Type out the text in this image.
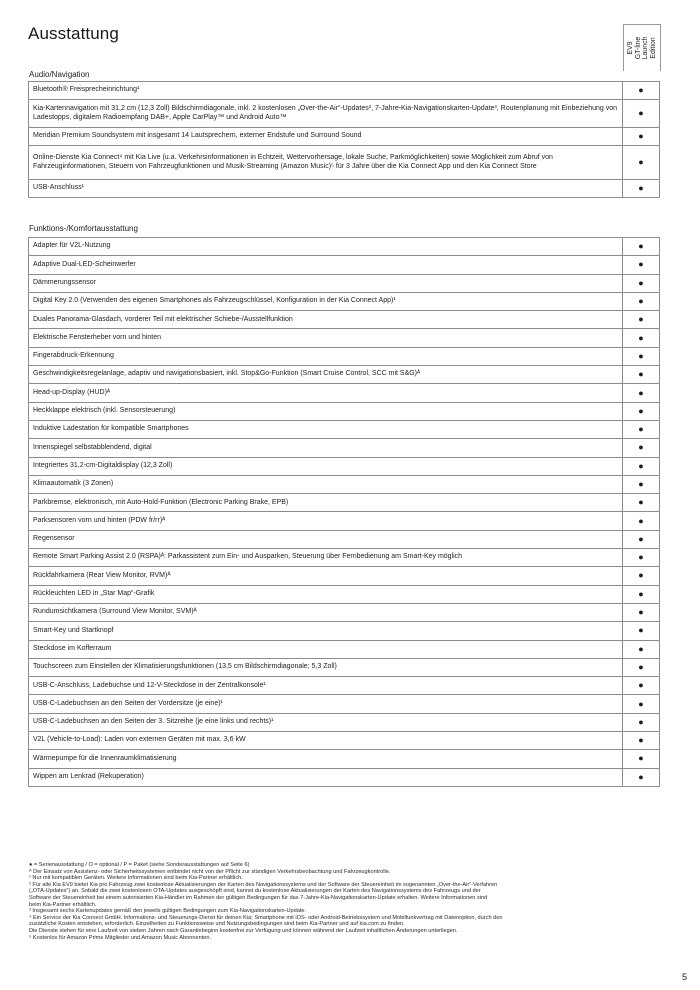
Ausstattung
EV9
GT-line
Launch
Edition
Audio/Navigation
Bluetooth® Freisprecheinrichtung¹	●
Kia-Kartennavigation mit 31,2 cm (12,3 Zoll) Bildschirmdiagonale, inkl. 2 kostenlosen „Over-the-Air“-Updates², 7-Jahre-Kia-Navigationskarten-Update³, Routenplanung mit Einbeziehung von Ladestopps, digitalem Radioempfang DAB+, Apple CarPlay™ und Android Auto™	●
Meridian Premium Soundsystem mit insgesamt 14 Lautsprechern, externer Endstufe und Surround Sound	●
Online-Dienste Kia Connect⁴ mit Kia Live (u.a. Verkehrsinformationen in Echtzeit, Wettervorhersage, lokale Suche, Parkmöglichkeiten) sowie Möglichkeit zum Abruf von Fahrzeuginformationen, Steuern von Fahrzeugfunktionen und Musik-Streaming (Amazon Music)⁵ für 3 Jahre über die Kia Connect App und den Kia Connect Store	●
USB-Anschluss¹	●
Funktions-/Komfortausstattung
Adapter für V2L-Nutzung	●
Adaptive Dual-LED-Scheinwerfer	●
Dämmerungssensor	●
Digital Key 2.0 (Verwenden des eigenen Smartphones als Fahrzeugschlüssel, Konfiguration in der Kia Connect App)¹	●
Duales Panorama-Glasdach, vorderer Teil mit elektrischer Schiebe-/Ausstellfunktion	●
Elektrische Fensterheber vorn und hinten	●
Fingerabdruck-Erkennung	●
Geschwindigkeitsregelanlage, adaptiv und navigationsbasiert, inkl. Stop&Go-Funktion (Smart Cruise Control, SCC mit S&G)ᴬ	●
Head-up-Display (HUD)ᴬ	●
Heckklappe elektrisch (inkl. Sensorsteuerung)	●
Induktive Ladestation für kompatible Smartphones	●
Innenspiegel selbstabblendend, digital	●
Integriertes 31,2-cm-Digitaldisplay (12,3 Zoll)	●
Klimaautomatik (3 Zonen)	●
Parkbremse, elektronisch, mit Auto-Hold-Funktion (Electronic Parking Brake, EPB)	●
Parksensoren vorn und hinten (PDW fr/rr)ᴬ	●
Regensensor	●
Remote Smart Parking Assist 2.0 (RSPA)ᴬ: Parkassistent zum Ein- und Ausparken, Steuerung über Fernbedienung am Smart-Key möglich	●
Rückfahrkamera (Rear View Monitor, RVM)ᴬ	●
Rückleuchten LED in „Star Map“-Grafik	●
Rundumsichtkamera (Surround View Monitor, SVM)ᴬ	●
Smart-Key und Startknopf	●
Steckdose im Kofferraum	●
Touchscreen zum Einstellen der Klimatisierungsfunktionen (13,5 cm Bildschirmdiagonale; 5,3 Zoll)	●
USB-C-Anschluss, Ladebuchse und 12-V-Steckdose in der Zentralkonsole¹	●
USB-C-Ladebuchsen an den Seiten der Vordersitze (je eine)¹	●
USB-C-Ladebuchsen an den Seiten der 3. Sitzreihe (je eine links und rechts)¹	●
V2L (Vehicle-to-Load): Laden von externen Geräten mit max. 3,6 kW	●
Wärmepumpe für die Innenraumklimatisierung	●
Wippen am Lenkrad (Rekuperation)	●
● = Serienausstattung / O = optional / P = Paket (siehe Sonderausstattungen auf Seite 6)
ᴬ Der Einsatz von Assistenz- oder Sicherheitssystemen entbindet nicht von der Pflicht zur ständigen Verkehrsbeobachtung und Fahrzeugkontrolle.
¹ Nur mit kompatiblen Geräten. Weitere Informationen sind beim Kia-Partner erhältlich.
² Für alle Kia EV9 bietet Kia pro Fahrzeug zwei kostenlose Aktualisierungen der Karten des Navigationssystems und der Software der Steuereinheit im sogenannten „Over-the-Air“-Verfahren
(„OTA-Updates“) an. Sobald die zwei kostenlosen OTA-Updates ausgeschöpft sind, kannst du kostenlose Aktualisierungen der Karten des Navigationssystems des Fahrzeugs und der
Software der Steuereinheit bei einem autorisierten Kia-Händler im Rahmen der gültigen Bedingungen für das 7-Jahre-Kia-Navigationskarten-Update erhalten. Weitere Informationen sind
beim Kia-Partner erhältlich.
³ Insgesamt sechs Kartenupdates gemäß den jeweils gültigen Bedingungen zum Kia-Navigationskarten-Update.
⁴ Ein Service der Kia Connect GmbH. Informations- und Steuerungs-Dienst für deinen Kia; Smartphone mit iOS- oder Android-Betriebssystem und Mobilfunkvertrag mit Datenoption, durch den
zusätzliche Kosten entstehen, erforderlich. Einzelheiten zu Funktionsweise und Nutzungsbedingungen sind beim Kia-Partner und auf kia.com zu finden.
Die Dienste stehen für eine Laufzeit von sieben Jahren nach Garantiebeginn kostenfrei zur Verfügung und können während der Laufzeit inhaltlichen Änderungen unterliegen.
⁵ Kostenlos für Amazon Prime Mitglieder und Amazon Music Abonnenten.
5
